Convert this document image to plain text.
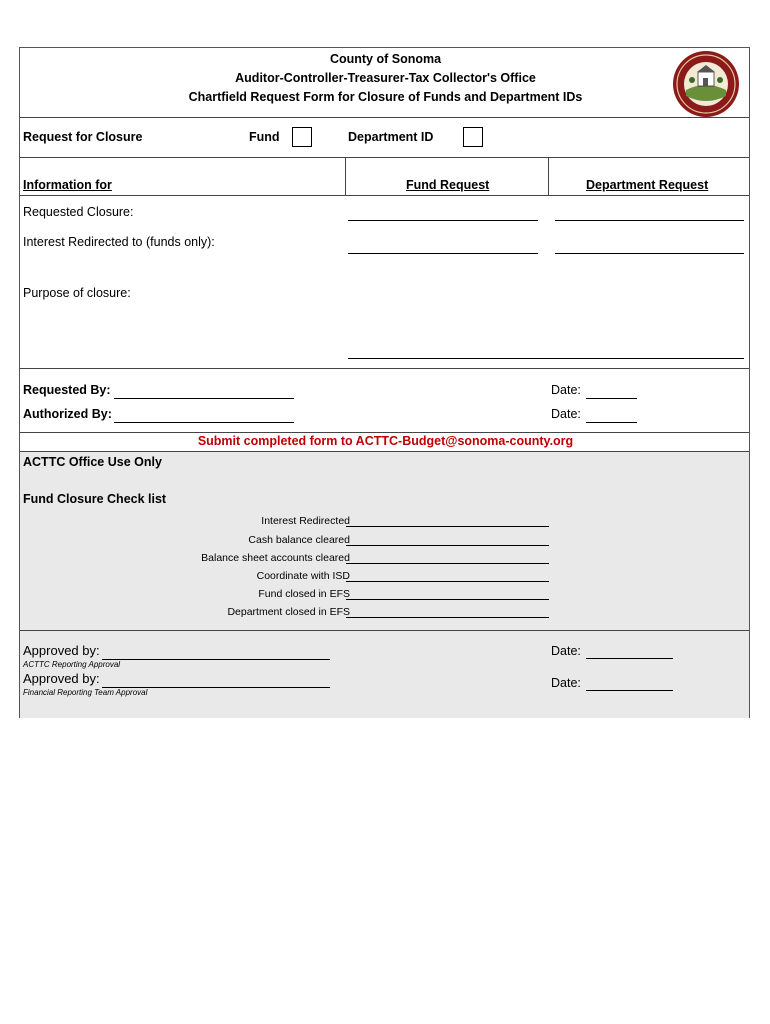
County of Sonoma
Auditor-Controller-Treasurer-Tax Collector's Office
Chartfield Request Form for Closure of Funds and Department IDs
Request for Closure	Fund	Department ID
Information for	Fund Request	Department Request
Requested Closure:
Interest Redirected to (funds only):
Purpose of closure:
Requested By:	Date:
Authorized By:	Date:
Submit completed form to ACTTC-Budget@sonoma-county.org
ACTTC Office Use Only
Fund Closure Check list
Interest Redirected
Cash balance cleared
Balance sheet accounts cleared
Coordinate with ISD
Fund closed in EFS
Department closed in EFS
Approved by:
ACTTC Reporting Approval
Date:
Approved by:
Financial Reporting Team Approval
Date:
